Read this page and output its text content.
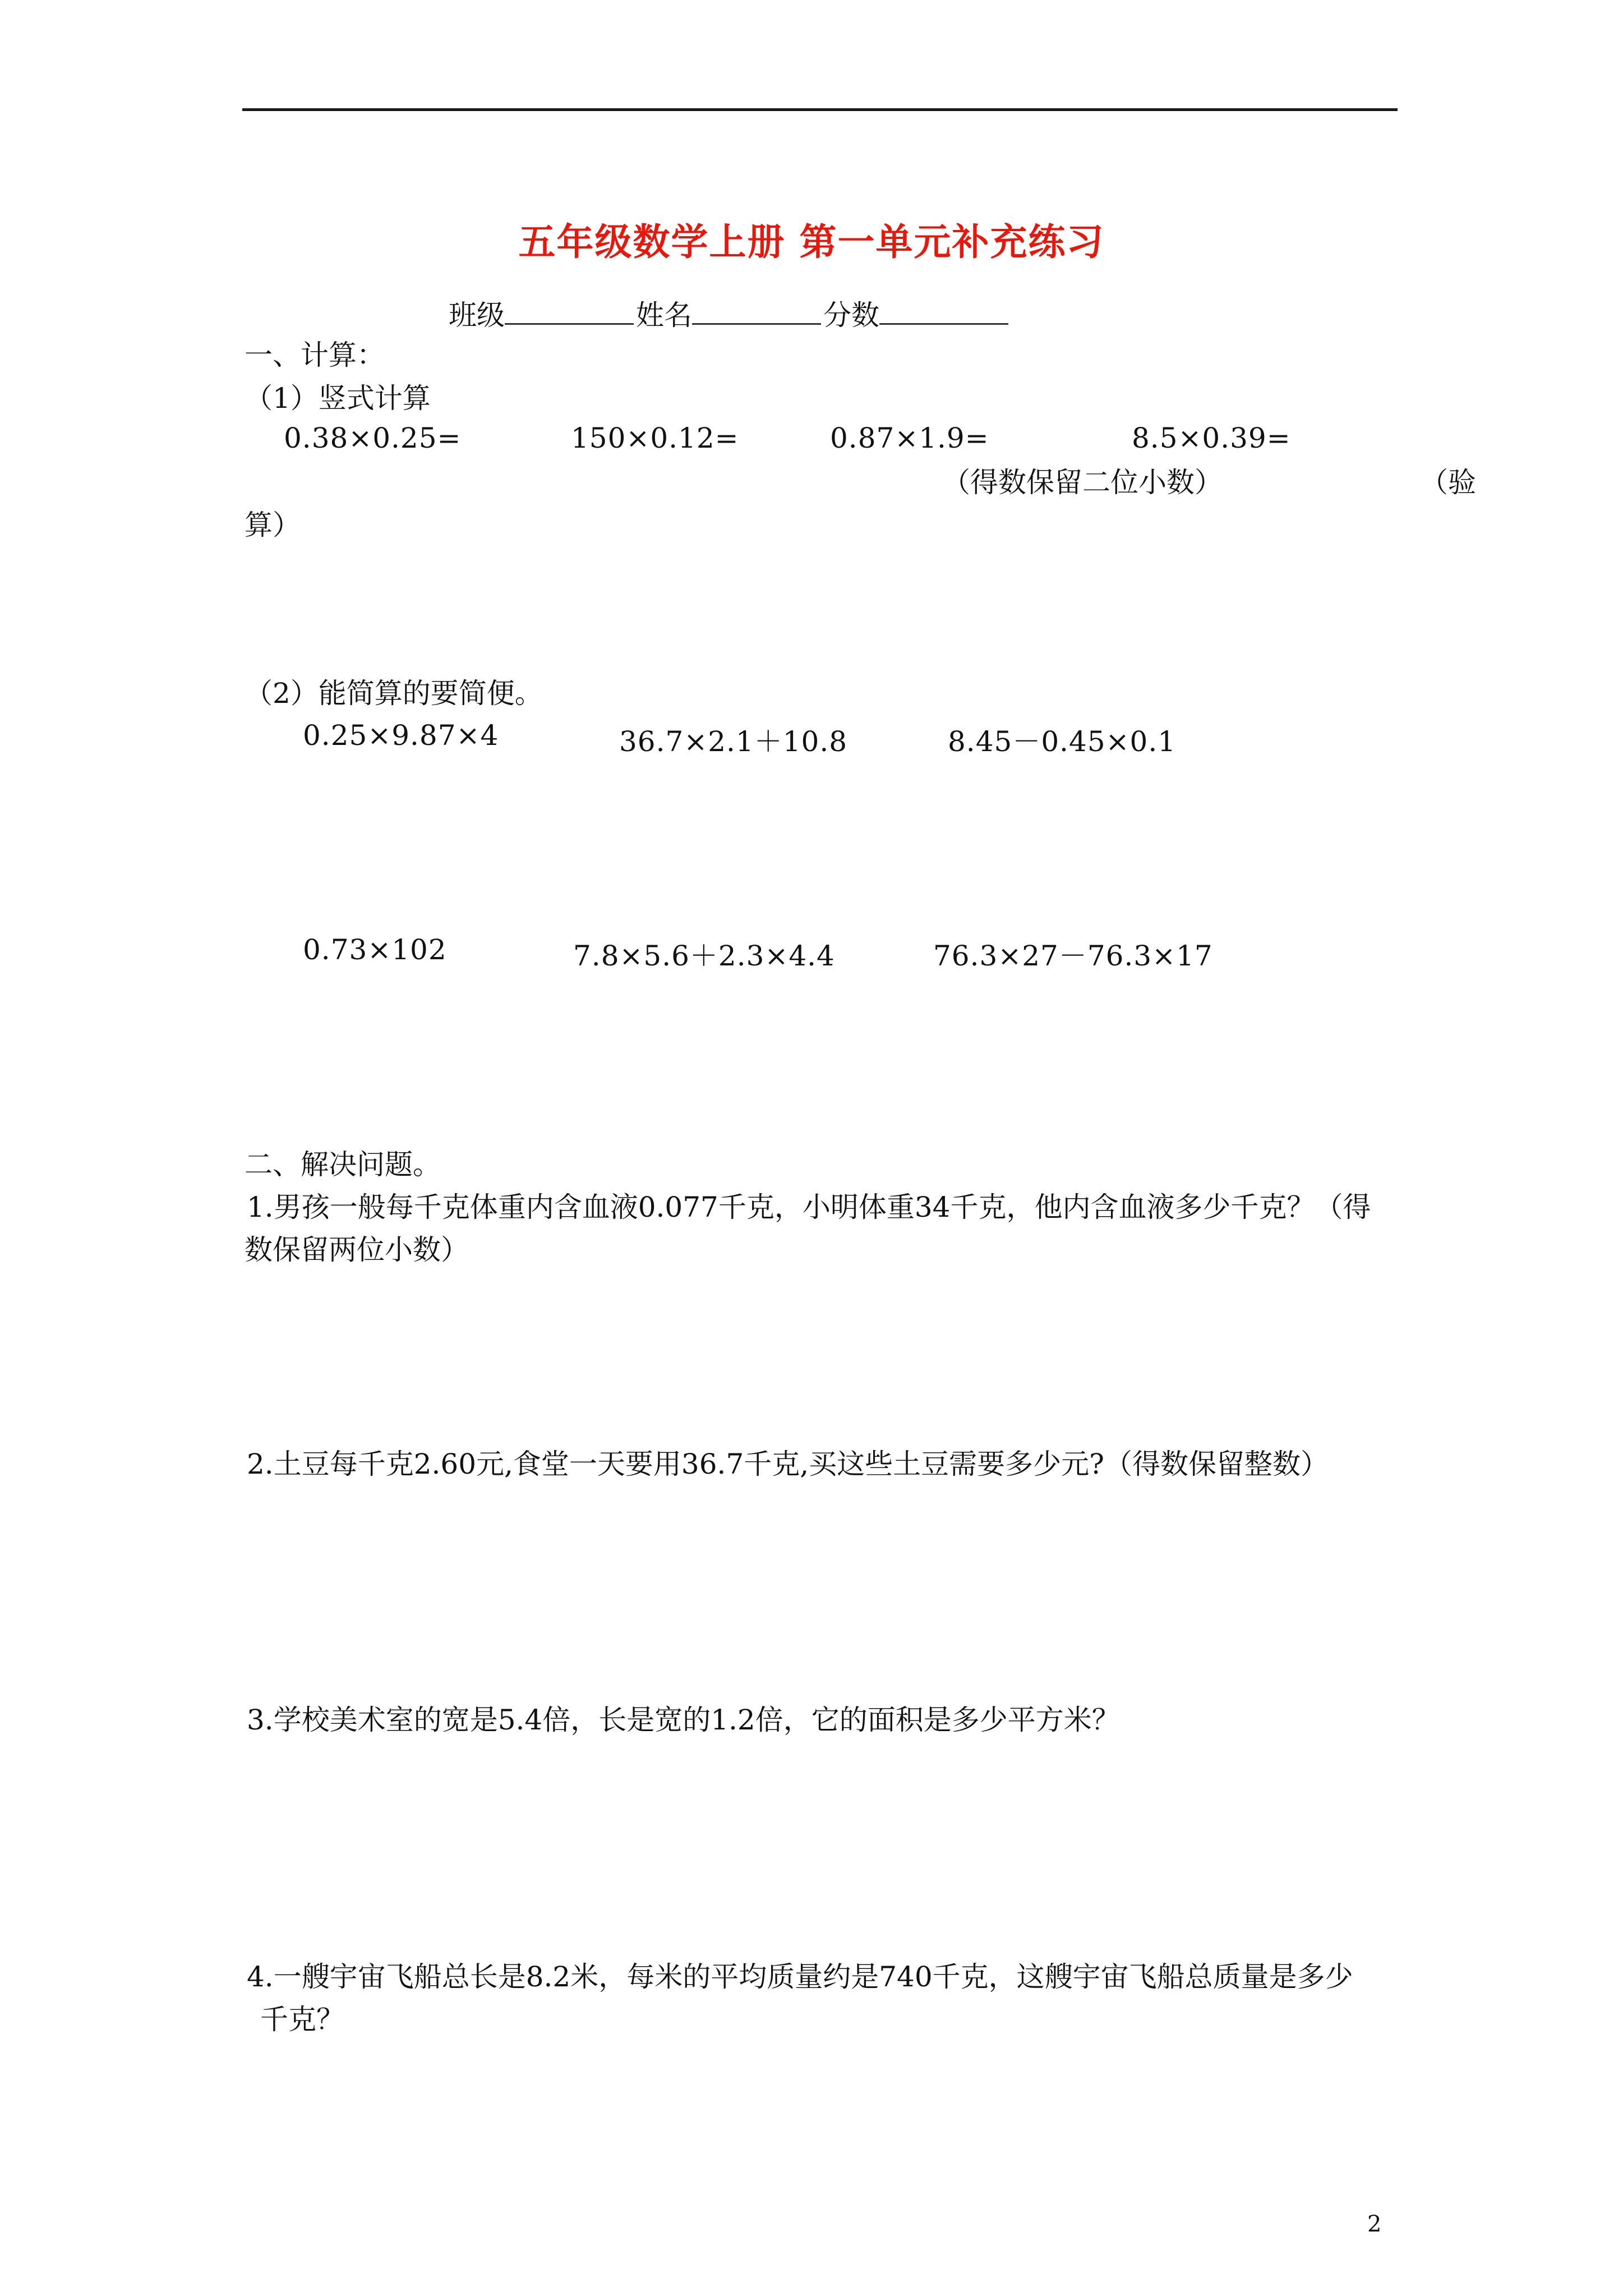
五年级数学上册 第一单元补充练习
班级	姓名	分数
一、计算：
（1）竖式计算
0.38×0.25=	150×0.12=	0.87×1.9=	8.5×0.39=
（得数保留二位小数）	（验
算）
（2）能简算的要简便。
0.25×9.87×4	36.7×2.1＋10.8	8.45－0.45×0.1
0.73×102	7.8×5.6＋2.3×4.4	76.3×27－76.3×17
二、解决问题。
1.男孩一般每千克体重内含血液0.077千克，小明体重34千克，他内含血液多少千克？（得
数保留两位小数）
2.土豆每千克2.60元,食堂一天要用36.7千克,买这些土豆需要多少元?（得数保留整数）
3.学校美术室的宽是5.4倍，长是宽的1.2倍，它的面积是多少平方米？
4.一艘宇宙飞船总长是8.2米，每米的平均质量约是740千克，这艘宇宙飞船总质量是多少
千克？
2
